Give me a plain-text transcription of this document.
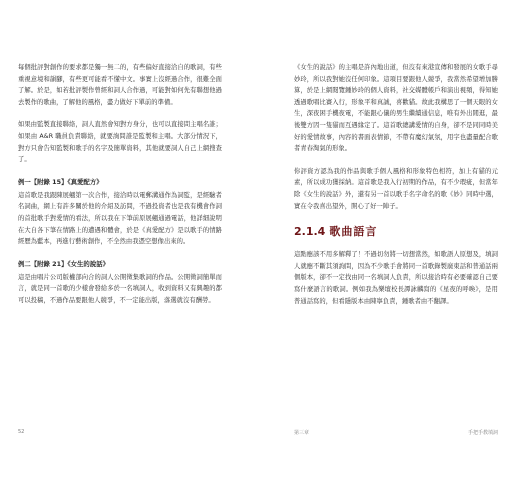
每個批評對創作的要求都是獨一無二的，有些偏好直接洽自的歌詞，有些重視意境和韻腳，有些更可能看不懂中文。事實上沒經過合作，很難全面了解。於是，如若批評製作曾經和詞人合作過，可能對如何先有聯想他過去製作的歌曲，了解他的風格，盡力做好下單前的準備。

如果由監製直接聯絡，詞人直然會知對方身分，也可以直接問主唱名誰；如果由 A&R 職員負責聯絡，就要詢問誰是監製和主唱。大部分情況下，對方只會告知監製和歌手的名字及簡單資料，其他就要詞人自己上網搜查了。

例一【附錄 15】《真愛配方》

這首歌是我跟陳展翹第一次合作，接洽時以電郵溝通作為詞監，是經驗者名詞曲，網上有許多關於他的介紹及訪問，不過投資者也是我有機會作詞的首批歌手對愛情的看法，所以我在下筆前原展翹通過電話，他詳細說明在大自各下筆在情路上的遭遇和體會，於是《真愛配方》是以歌手的情路經歷為藍本，再進行藝術創作，不全然由我憑空想像出來的。

例二【附錄 21】《女生的說話》

這是由唱片公司版權部向合的詞人公開徵集歌詞的作品。公開徵詞簡單而言，就是同一首歌的少樣會發給多於一名填詞人，收到資料又有興趣的都可以投稿，不過作品要跟他人競爭，不一定能出版，落選就沒有酬勞。

52

《女生的說話》的主唱是許內地出道，但沒有來港宣傳和發展的女歌手尋妙玲，所以我對她沒任何印象。這項目要跟他人競爭，我當然希望增加勝算，於是上網閱覽鍾妙玲的個人資料，社交媒體帳戶和演出視頻，得知她透過歌唱比賽入行，形象平和真誠，喜歡貓。故此我構思了一個天眼的女生，深夜困手機夜電，不能跟心儀的男生繼續通信息，唯有外出閒逛，最後雙方因一隻貓而互遇緣定了。這首歌總講愛情的自身，卻不是同同時美好的愛情故事，內容的書面表情節，不帶有魔幻氣氛，用字也盡量配合歌者青春淘氣的形象。

你評資方認為我的作品與歌手個人風格和形象特色相符，加上有貓的元素，所以成功獲採納。這首歌是我入行初期的作品，有不少瑕疵，但當年除《女生的說話》外，還有另一首以歌手名字命名的歌《妙》同時中選，實在令我喜出望外，開心了好一陣子。

2.1.4 歌曲語言

這點應該不用多解釋了！不過切勿將一切想當然，如歌語人原想及，填詞人就應不斷其須詢問，因為不少歌手會將同一首歌錄製廣東話和普通話兩個版本，卻不一定找由同一名填詞人負責，所以接洽時有必要確認自己要寫什麼語言的歌詞。例如我為樂壇校長譚詠麟寫的《星夜的呼喚》，是用普通話寫的，但看隱版本由陳寧負責，鍾歌者由不翻譯。

第三章	手把手教填詞
